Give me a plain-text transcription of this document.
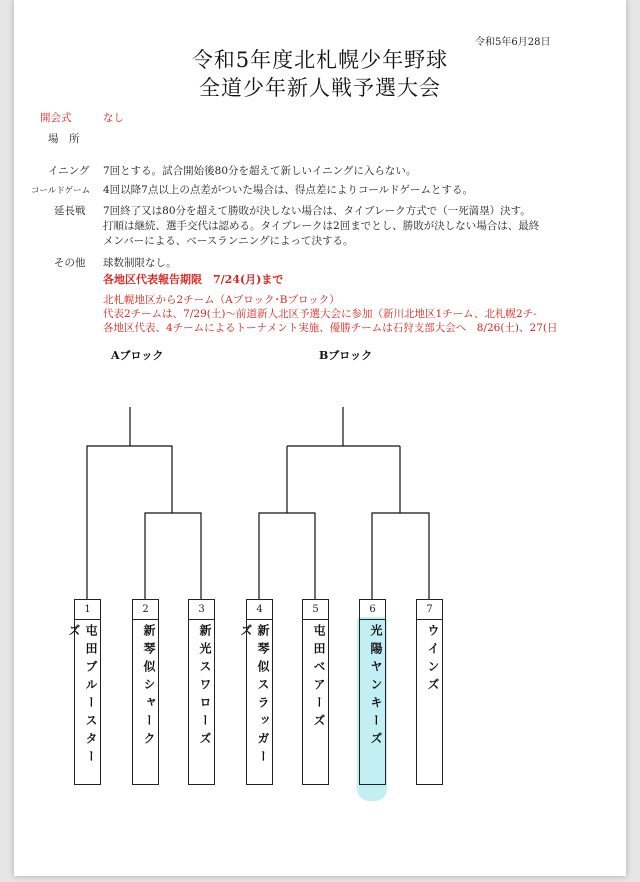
令和5年6月28日
令和5年度北札幌少年野球
全道少年新人戦予選大会
開会式	なし
場　所
イニング 7回とする。試合開始後80分を超えて新しいイニングに入らない。
コールドゲーム 4回以降7点以上の点差がついた場合は、得点差によりコールドゲームとする。
延長戦 7回終了又は80分を超えて勝敗が決しない場合は、タイブレーク方式で（一死満塁）決す。
打順は継続、選手交代は認める。タイブレークは2回までとし、勝敗が決しない場合は、最終
メンバーによる、ベースランニングによって決する。
その他 球数制限なし。
各地区代表報告期限　7/24(月)まで
北札幌地区から2チーム（Aブロック･Bブロック）
代表2チームは、7/29(土)～前道新人北区予選大会に参加（新川北地区1チーム、北札幌2チ-
各地区代表、4チームによるトーナメント実施、優勝チームは石狩支部大会へ　8/26(土)、27(日
Aブロック	Bブロック
1
屯田ブルースターズ
2
新琴似シャーク
3
新光スワローズ
4
新琴似スラッガーズ
5
屯田ベアーズ
6
光陽ヤンキーズ
7
ウインズ
